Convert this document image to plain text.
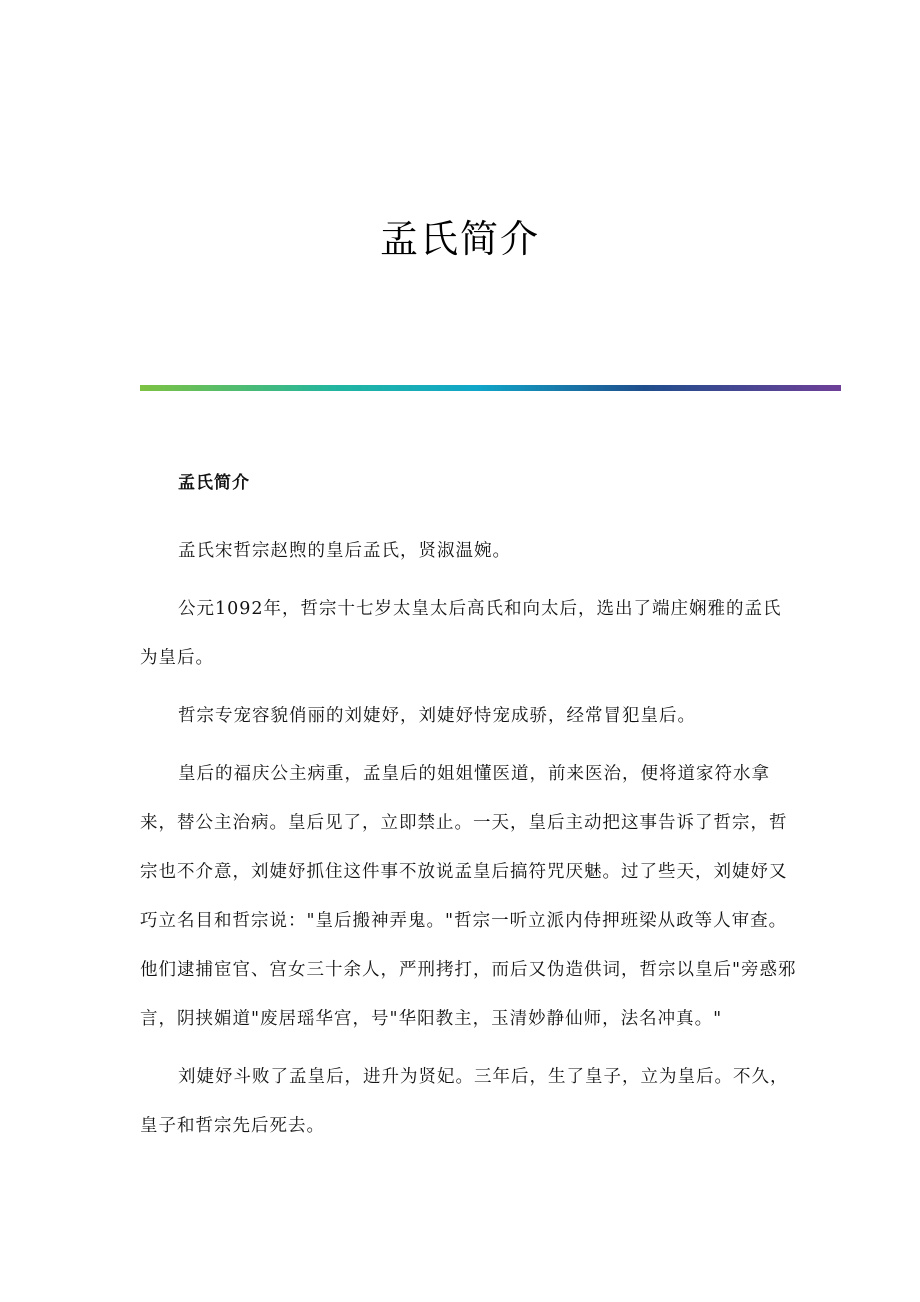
孟氏简介

孟氏简介

孟氏宋哲宗赵煦的皇后孟氏，贤淑温婉。

公元1092年，哲宗十七岁太皇太后高氏和向太后，选出了端庄娴雅的孟氏为皇后。

哲宗专宠容貌俏丽的刘婕妤，刘婕妤恃宠成骄，经常冒犯皇后。

皇后的福庆公主病重，孟皇后的姐姐懂医道，前来医治，便将道家符水拿来，替公主治病。皇后见了，立即禁止。一天，皇后主动把这事告诉了哲宗，哲宗也不介意，刘婕妤抓住这件事不放说孟皇后搞符咒厌魅。过了些天，刘婕妤又巧立名目和哲宗说："皇后搬神弄鬼。"哲宗一听立派内侍押班梁从政等人审查。他们逮捕宦官、宫女三十余人，严刑拷打，而后又伪造供词，哲宗以皇后"旁惑邪言，阴挟媚道"废居瑶华宫，号"华阳教主，玉清妙静仙师，法名冲真。"

刘婕妤斗败了孟皇后，进升为贤妃。三年后，生了皇子，立为皇后。不久，皇子和哲宗先后死去。
